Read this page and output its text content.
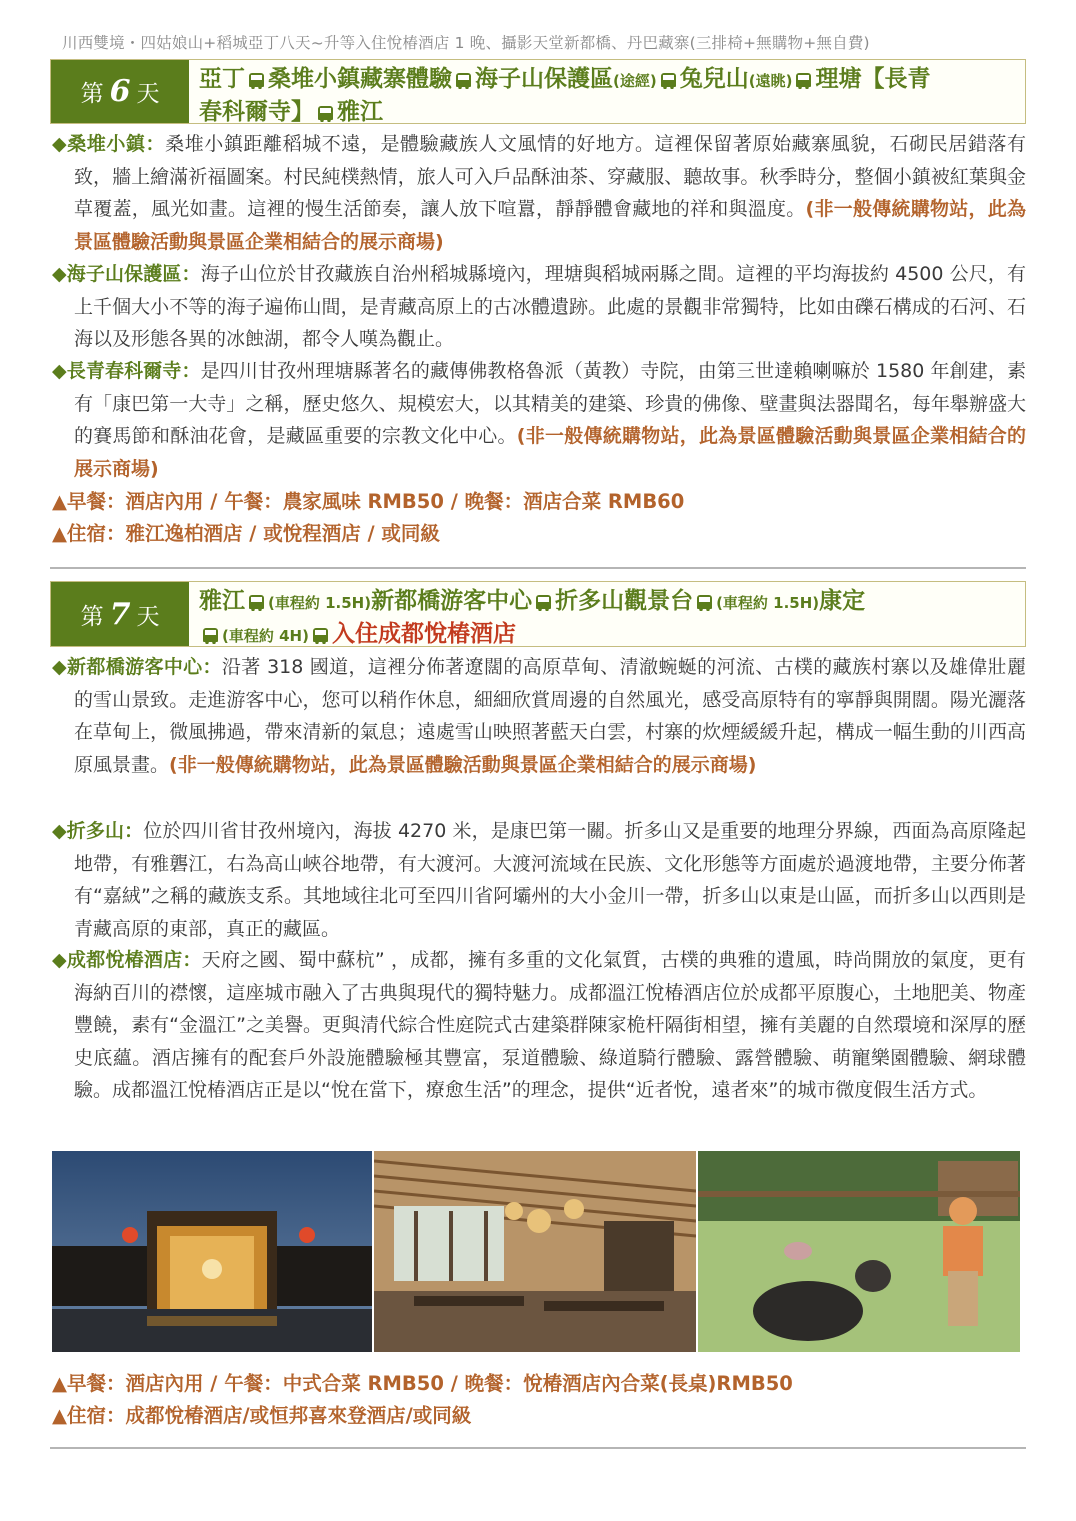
川西雙境・四姑娘山+稻城亞丁八天~升等入住悅椿酒店 1 晚、攝影天堂新都橋、丹巴藏寨(三排椅+無購物+無自費)
第 6 天
亞丁 桑堆小鎮藏寨體驗 海子山保護區(途經) 兔兒山(遠眺) 理塘【長青
春科爾寺】 雅江
◆桑堆小鎮：桑堆小鎮距離稻城不遠，是體驗藏族人文風情的好地方。這裡保留著原始藏寨風貌，石砌民居錯落有致，牆上繪滿祈福圖案。村民純樸熱情，旅人可入戶品酥油茶、穿藏服、聽故事。秋季時分，整個小鎮被紅葉與金草覆蓋，風光如畫。這裡的慢生活節奏，讓人放下喧囂，靜靜體會藏地的祥和與溫度。(非一般傳統購物站，此為景區體驗活動與景區企業相結合的展示商場)
◆海子山保護區：海子山位於甘孜藏族自治州稻城縣境內，理塘與稻城兩縣之間。這裡的平均海拔約 4500 公尺，有上千個大小不等的海子遍佈山間，是青藏高原上的古冰體遺跡。此處的景觀非常獨特，比如由礫石構成的石河、石海以及形態各異的冰蝕湖，都令人嘆為觀止。
◆長青春科爾寺：是四川甘孜州理塘縣著名的藏傳佛教格魯派（黃教）寺院，由第三世達賴喇嘛於 1580 年創建，素有「康巴第一大寺」之稱，歷史悠久、規模宏大，以其精美的建築、珍貴的佛像、壁畫與法器聞名，每年舉辦盛大的賽馬節和酥油花會，是藏區重要的宗教文化中心。(非一般傳統購物站，此為景區體驗活動與景區企業相結合的展示商場)
▲早餐：酒店內用 / 午餐：農家風味 RMB50 / 晚餐：酒店合菜 RMB60
▲住宿：雅江逸柏酒店 / 或悅程酒店 / 或同級
第 7 天
雅江 (車程約 1.5H)新都橋游客中心 折多山觀景台 (車程約 1.5H)康定
(車程約 4H) 入住成都悅椿酒店
◆新都橋游客中心：沿著 318 國道，這裡分佈著遼闊的高原草甸、清澈蜿蜒的河流、古樸的藏族村寨以及雄偉壯麗的雪山景致。走進游客中心，您可以稍作休息，細細欣賞周邊的自然風光，感受高原特有的寧靜與開闊。陽光灑落在草甸上，微風拂過，帶來清新的氣息；遠處雪山映照著藍天白雲，村寨的炊煙緩緩升起，構成一幅生動的川西高原風景畫。(非一般傳統購物站，此為景區體驗活動與景區企業相結合的展示商場)
◆折多山：位於四川省甘孜州境內，海拔 4270 米，是康巴第一關。折多山又是重要的地理分界線，西面為高原隆起地帶，有雅礱江，右為高山峽谷地帶，有大渡河。大渡河流域在民族、文化形態等方面處於過渡地帶，主要分佈著有“嘉絨”之稱的藏族支系。其地域往北可至四川省阿壩州的大小金川一帶，折多山以東是山區，而折多山以西則是青藏高原的東部，真正的藏區。
◆成都悅椿酒店：天府之國、蜀中蘇杭” ，成都，擁有多重的文化氣質，古樸的典雅的遺風，時尚開放的氣度，更有海納百川的襟懷，這座城市融入了古典與現代的獨特魅力。成都溫江悅椿酒店位於成都平原腹心，土地肥美、物產豐饒，素有“金溫江”之美譽。更與清代綜合性庭院式古建築群陳家桅杆隔街相望，擁有美麗的自然環境和深厚的歷史底蘊。酒店擁有的配套戶外設施體驗極其豐富，泵道體驗、綠道騎行體驗、露營體驗、萌寵樂園體驗、網球體驗。成都溫江悅椿酒店正是以“悅在當下，療愈生活”的理念，提供“近者悅，遠者來”的城市微度假生活方式。
▲早餐：酒店內用 / 午餐：中式合菜 RMB50 / 晚餐：悅椿酒店內合菜(長桌)RMB50
▲住宿：成都悅椿酒店/或恒邦喜來登酒店/或同級
